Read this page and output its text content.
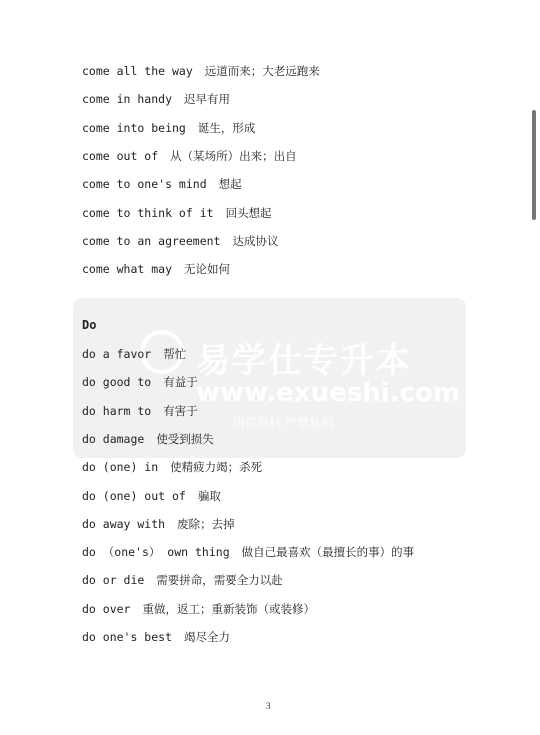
易学仕专升本
www.exueshi.com
内部资料 严禁复制
come all the way 远道而来；大老远跑来
come in handy 迟早有用
come into being 诞生，形成
come out of 从（某场所）出来；出自
come to one's mind 想起
come to think of it 回头想起
come to an agreement 达成协议
come what may 无论如何
Do
do a favor 帮忙
do good to 有益于
do harm to 有害于
do damage 使受到损失
do (one) in 使精疲力竭；杀死
do (one) out of 骗取
do away with 废除；去掉
do （one's） own thing 做自己最喜欢（最擅长的事）的事
do or die 需要拼命，需要全力以赴
do over 重做，返工；重新装饰（或装修）
do one's best 竭尽全力
3
